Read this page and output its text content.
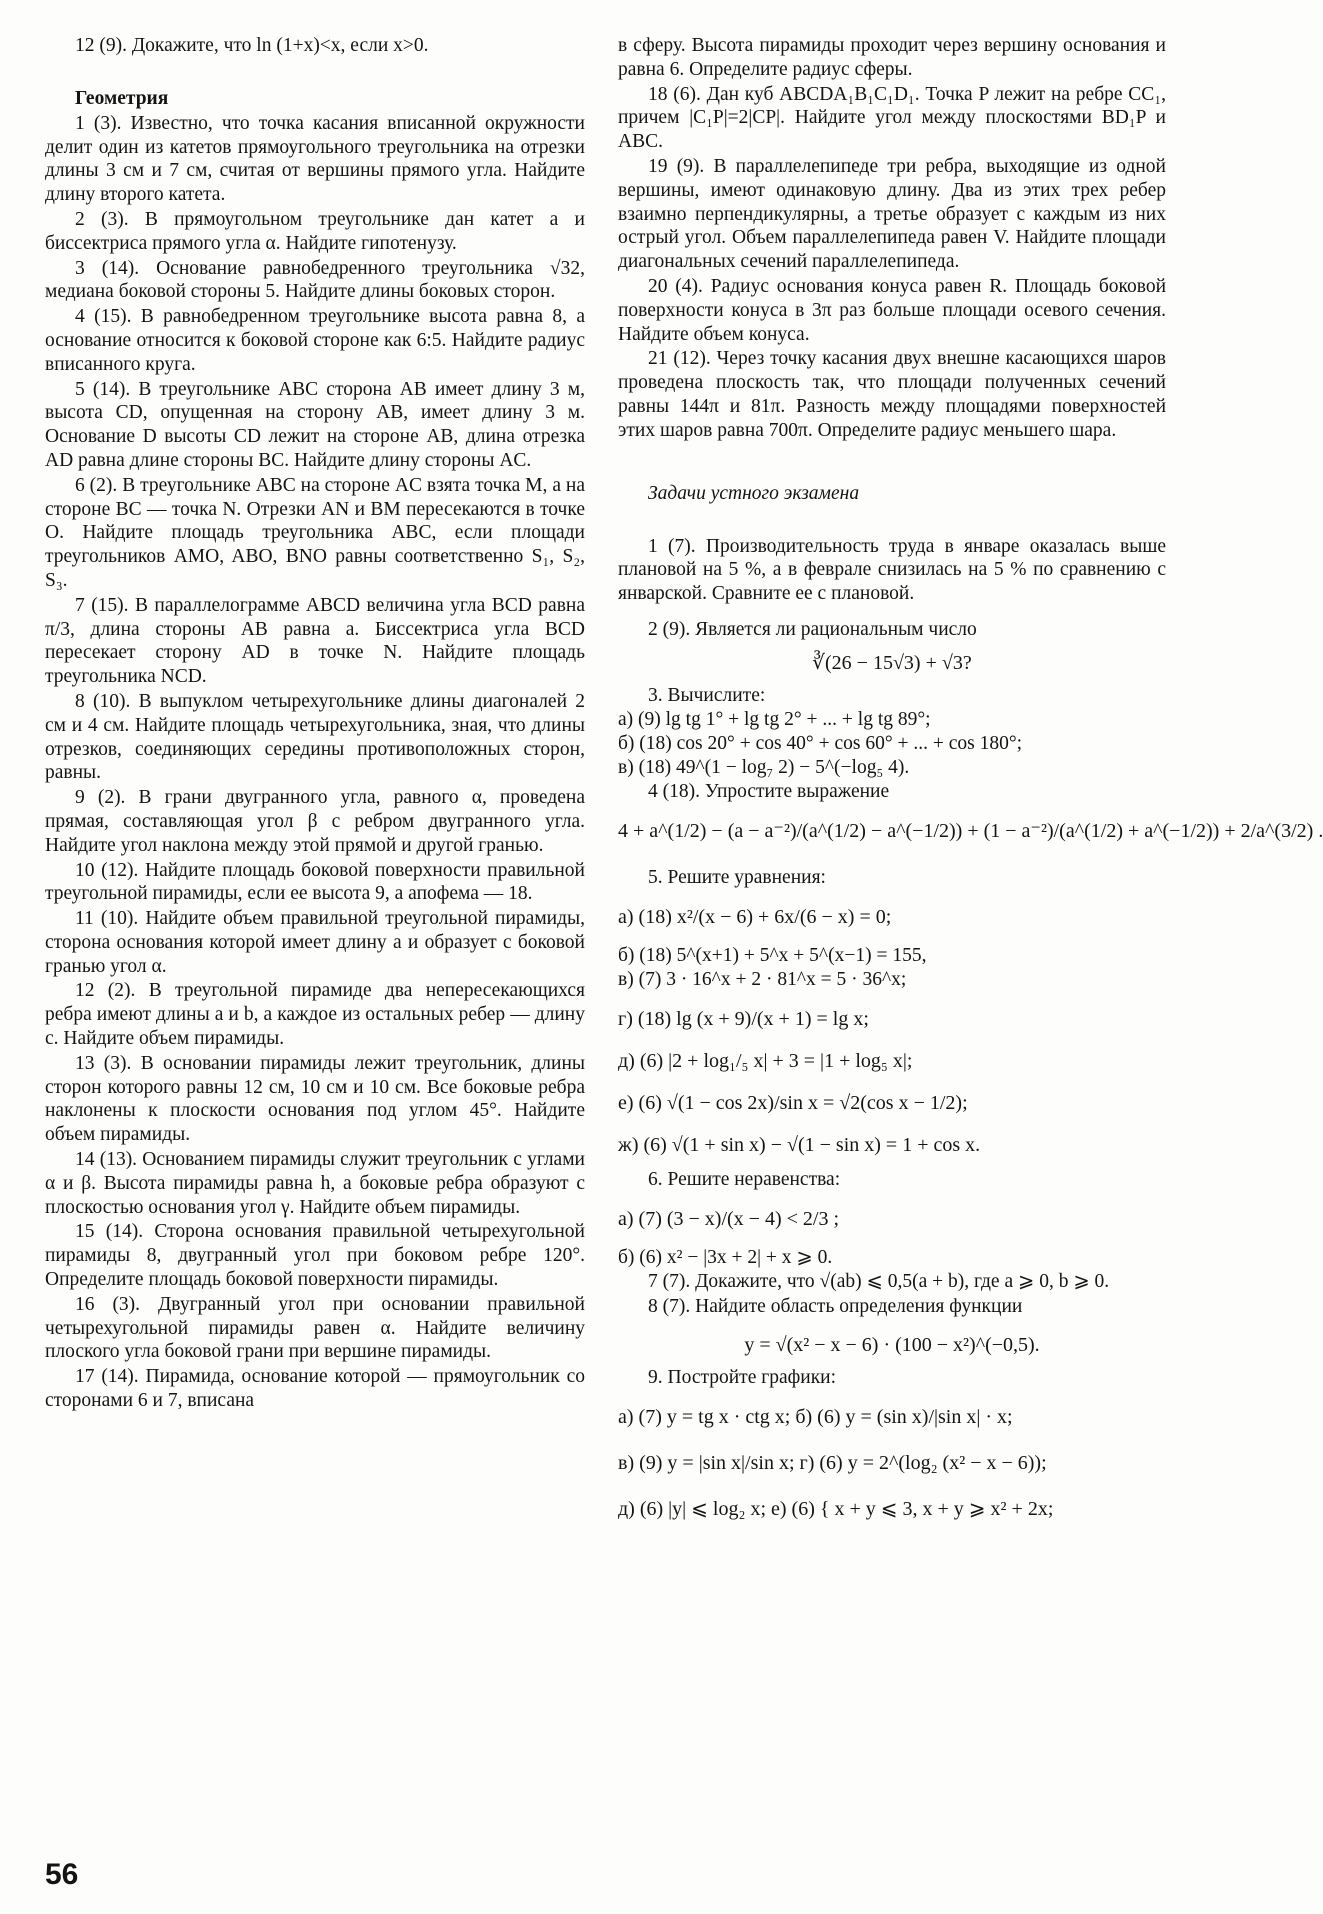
12 (9). Докажите, что ln (1+x)<x, если x>0.

Геометрия

1 (3). Известно, что точка касания вписанной окружности делит один из катетов прямоугольного треугольника на отрезки длины 3 см и 7 см, считая от вершины прямого угла. Найдите длину второго катета.

2 (3). В прямоугольном треугольнике дан катет a и биссектриса прямого угла α. Найдите гипотенузу.

3 (14). Основание равнобедренного треугольника √32, медиана боковой стороны 5. Найдите длины боковых сторон.

4 (15). В равнобедренном треугольнике высота равна 8, а основание относится к боковой стороне как 6:5. Найдите радиус вписанного круга.

5 (14). В треугольнике ABC сторона AB имеет длину 3 м, высота CD, опущенная на сторону AB, имеет длину 3 м. Основание D высоты CD лежит на стороне AB, длина отрезка AD равна длине стороны BC. Найдите длину стороны AC.

6 (2). В треугольнике ABC на стороне AC взята точка M, а на стороне BC — точка N. Отрезки AN и BM пересекаются в точке O. Найдите площадь треугольника ABC, если площади треугольников AMO, ABO, BNO равны соответственно S₁, S₂, S₃.

7 (15). В параллелограмме ABCD величина угла BCD равна π/3, длина стороны AB равна a. Биссектриса угла BCD пересекает сторону AD в точке N. Найдите площадь треугольника NCD.

8 (10). В выпуклом четырехугольнике длины диагоналей 2 см и 4 см. Найдите площадь четырехугольника, зная, что длины отрезков, соединяющих середины противоположных сторон, равны.

9 (2). В грани двугранного угла, равного α, проведена прямая, составляющая угол β с ребром двугранного угла. Найдите угол наклона между этой прямой и другой гранью.

10 (12). Найдите площадь боковой поверхности правильной треугольной пирамиды, если ее высота 9, а апофема — 18.

11 (10). Найдите объем правильной треугольной пирамиды, сторона основания которой имеет длину a и образует с боковой гранью угол α.

12 (2). В треугольной пирамиде два непересекающихся ребра имеют длины a и b, а каждое из остальных ребер — длину c. Найдите объем пирамиды.

13 (3). В основании пирамиды лежит треугольник, длины сторон которого равны 12 см, 10 см и 10 см. Все боковые ребра наклонены к плоскости основания под углом 45°. Найдите объем пирамиды.

14 (13). Основанием пирамиды служит треугольник с углами α и β. Высота пирамиды равна h, а боковые ребра образуют с плоскостью основания угол γ. Найдите объем пирамиды.

15 (14). Сторона основания правильной четырехугольной пирамиды 8, двугранный угол при боковом ребре 120°. Определите площадь боковой поверхности пирамиды.

16 (3). Двугранный угол при основании правильной четырехугольной пирамиды равен α. Найдите величину плоского угла боковой грани при вершине пирамиды.

17 (14). Пирамида, основание которой — прямоугольник со сторонами 6 и 7, вписана

в сферу. Высота пирамиды проходит через вершину основания и равна 6. Определите радиус сферы.

18 (6). Дан куб ABCDA₁B₁C₁D₁. Точка P лежит на ребре CC₁, причем |C₁P|=2|CP|. Найдите угол между плоскостями BD₁P и ABC.

19 (9). В параллелепипеде три ребра, выходящие из одной вершины, имеют одинаковую длину. Два из этих трех ребер взаимно перпендикулярны, а третье образует с каждым из них острый угол. Объем параллелепипеда равен V. Найдите площади диагональных сечений параллелепипеда.

20 (4). Радиус основания конуса равен R. Площадь боковой поверхности конуса в 3π раз больше площади осевого сечения. Найдите объем конуса.

21 (12). Через точку касания двух внешне касающихся шаров проведена плоскость так, что площади полученных сечений равны 144π и 81π. Разность между площадями поверхностей этих шаров равна 700π. Определите радиус меньшего шара.

Задачи устного экзамена

1 (7). Производительность труда в январе оказалась выше плановой на 5 %, а в феврале снизилась на 5 % по сравнению с январской. Сравните ее с плановой.

2 (9). Является ли рациональным число

∛(26 − 15√3) + √3?

3. Вычислите:

а) (9) lg tg 1° + lg tg 2° + ... + lg tg 89°;

б) (18) cos 20° + cos 40° + cos 60° + ... + cos 180°;

в) (18) 49^(1 − log₇ 2) − 5^(−log₅ 4).

4 (18). Упростите выражение

4 + a^(1/2) − (a − a⁻²)/(a^(1/2) − a^(−1/2)) + (1 − a⁻²)/(a^(1/2) + a^(−1/2)) + 2/a^(3/2) .

5. Решите уравнения:

а) (18) x²/(x − 6) + 6x/(6 − x) = 0;

б) (18) 5^(x+1) + 5^x + 5^(x−1) = 155,

в) (7) 3 · 16^x + 2 · 81^x = 5 · 36^x;

г) (18) lg (x + 9)/(x + 1) = lg x;

д) (6) |2 + log₁/₅ x| + 3 = |1 + log₅ x|;

е) (6) √(1 − cos 2x)/sin x = √2(cos x − 1/2);

ж) (6) √(1 + sin x) − √(1 − sin x) = 1 + cos x.

6. Решите неравенства:

а) (7) (3 − x)/(x − 4) < 2/3 ;

б) (6) x² − |3x + 2| + x ⩾ 0.

7 (7). Докажите, что √(ab) ⩽ 0,5(a + b), где a ⩾ 0, b ⩾ 0.

8 (7). Найдите область определения функции

y = √(x² − x − 6) · (100 − x²)^(−0,5).

9. Постройте графики:

а) (7) y = tg x · ctg x; б) (6) y = (sin x)/|sin x| · x;

в) (9) y = |sin x|/sin x; г) (6) y = 2^(log₂ (x² − x − 6));

д) (6) |y| ⩽ log₂ x; е) (6) { x + y ⩽ 3, x + y ⩾ x² + 2x;

56
